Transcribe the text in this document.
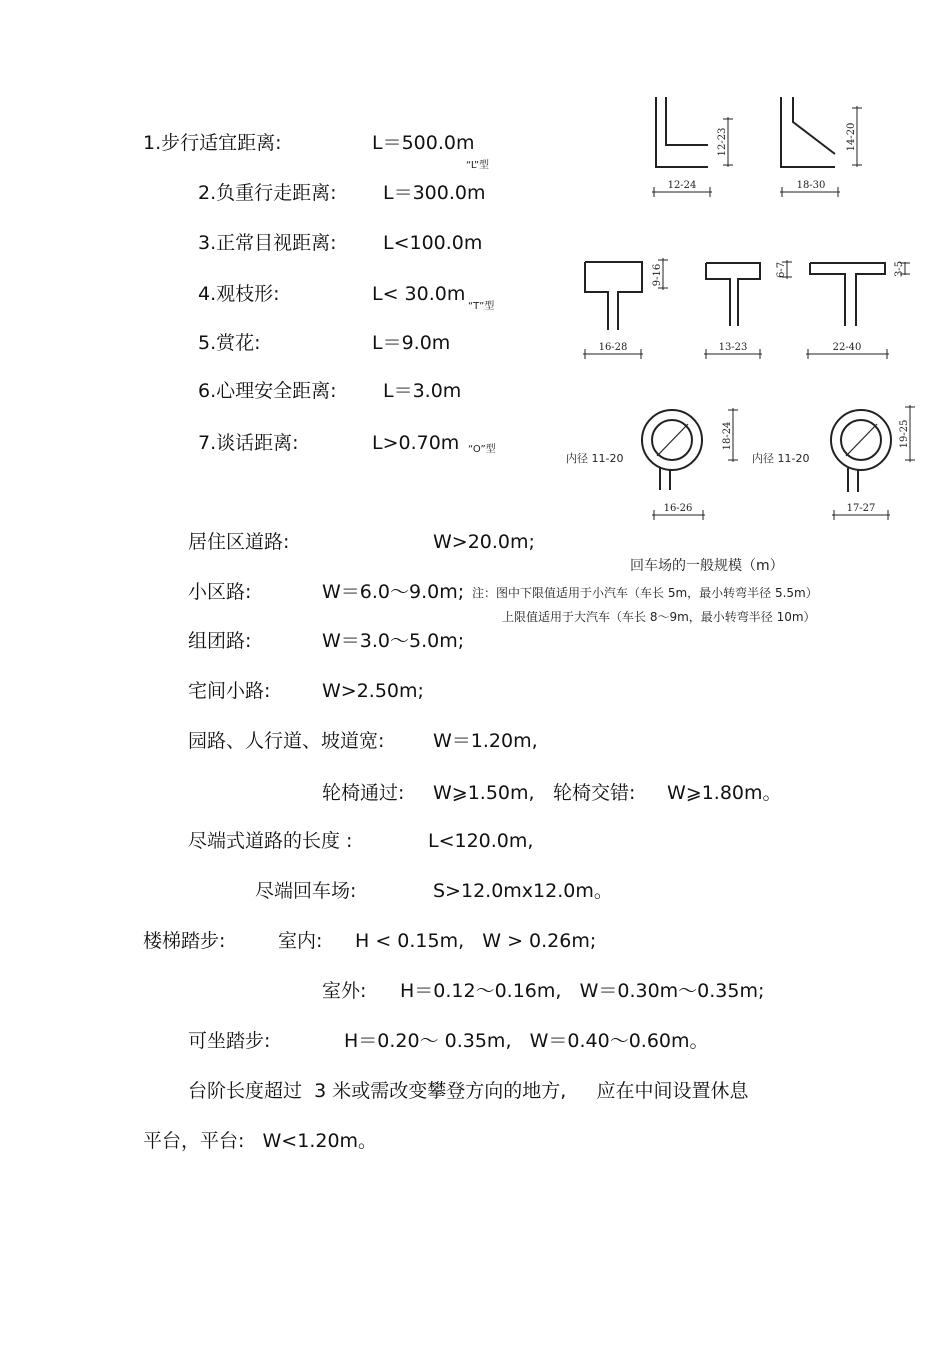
1.步行适宜距离:	L＝500.0m
2.负重行走距离: L＝300.0m
3.正常目视距离: L<100.0m
4.观枝形:	L< 30.0m
5.赏花:	L＝9.0m
6.心理安全距离: L＝3.0m
7.谈话距离:	L>0.70m
居住区道路:	W>20.0m;
小区路:	W＝6.0～9.0m;
组团路:	W＝3.0～5.0m;
宅间小路:	W>2.50m;
园路、人行道、坡道宽:	W＝1.20m,
轮椅通过: W⩾1.50m, 轮椅交错: W⩾1.80m。
尽端式道路的长度 :	L<120.0m,
尽端回车场:	S>12.0mⅹ12.0m。
楼梯踏步:	室内: H < 0.15m,   W > 0.26m;
室外: H＝0.12～0.16m,   W＝0.30m～0.35m;
可坐踏步:	H＝0.20～ 0.35m,   W＝0.40～0.60m。
台阶长度超过  3 米或需改变攀登方向的地方,     应在中间设置休息
平台，平台:   W<1.20m。
12-24	18-30
16-28	13-23	22-40
16-26	17-27
12-23	14-20
9-16	6-7	3-5
18-24	19-25
内径 11-20	内径 11-20
“L”型
“T”型
“O”型
回车场的一般规模（m）
注：图中下限值适用于小汽车（车长 5m，最小转弯半径 5.5m）
上限值适用于大汽车（车长 8～9m，最小转弯半径 10m）
